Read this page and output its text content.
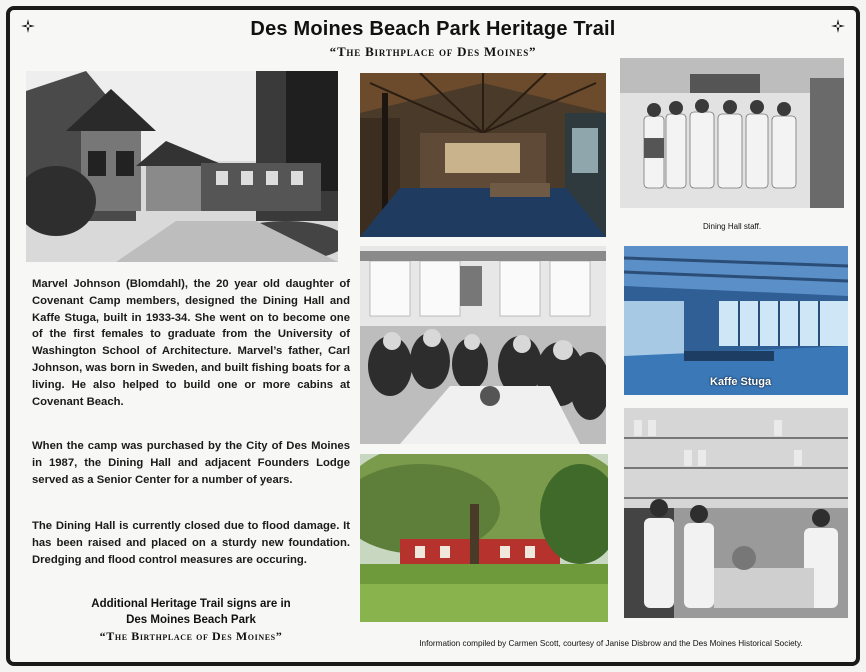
Des Moines Beach Park Heritage Trail
“The Birthplace of Des Moines”
Dining Hall staff.
Kaffe Stuga

Marvel Johnson (Blomdahl), the 20 year old daughter of Covenant Camp members, designed the Dining Hall and Kaffe Stuga, built in 1933-34. She went on to become one of the first females to graduate from the University of Washington School of Architecture. Marvel’s father, Carl Johnson, was born in Sweden, and built fishing boats for a living. He also helped to build one or more cabins at Covenant Beach.

When the camp was purchased by the City of Des Moines in 1987, the Dining Hall and adjacent Founders Lodge served as a Senior Center for a number of years.

The Dining Hall is currently closed due to flood damage. It has been raised and placed on a sturdy new foundation. Dredging and flood control measures are occuring.

Additional Heritage Trail signs are in
Des Moines Beach Park
“The Birthplace of Des Moines”
Information compiled by Carmen Scott, courtesy of Janise Disbrow and the Des Moines Historical Society.
